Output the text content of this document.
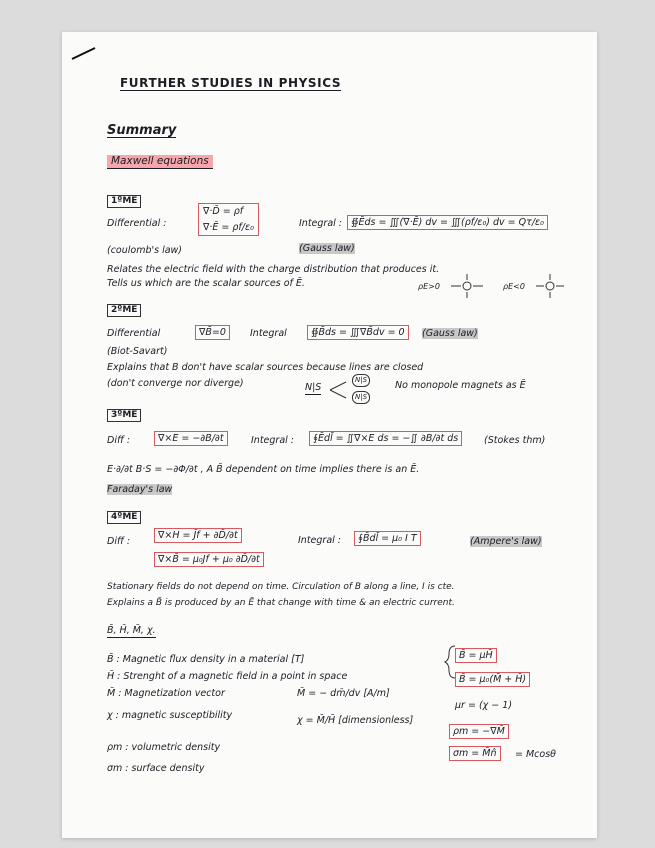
FURTHER STUDIES IN PHYSICS
Summary
Maxwell equations
1ºME
Differential :
∇·D̄ = ρf
∇·Ē = ρf/ε₀
(coulomb's law)
Integral : ∯Ēds = ∭(∇·Ē) dv = ∭(ρf/ε₀) dv = Qτ/ε₀
(Gauss law)
Relates the electric field with the charge distribution that produces it.
Tells us which are the scalar sources of Ē.	ρE>0	ρE<0
2ºME
Differential	∇B̄=0	Integral	∯B̄ds = ∭∇B̄dv = 0	(Gauss law)
(Biot-Savart)
Explains that B don't have scalar sources because lines are closed
(don't converge nor diverge)	N|S
N|S
N|S
No monopole magnets as Ē
3ºME
Diff :	∇×E = −∂B/∂t	Integral :	∮Ēdl̄ = ∬∇×E ds = −∬ ∂B/∂t ds	(Stokes thm)
E·∂/∂t B·S = −∂Φ/∂t , A B̄ dependent on time implies there is an Ē.
Faraday's law
4ºME
Diff :
∇×H = J̄f + ∂D̄/∂t
∇×B̄ = μ₀Jf + μ₀ ∂D̄/∂t
Integral :	∮B̄dl̄ = μ₀ I T	(Ampere's law)
Stationary fields do not depend on time. Circulation of B along a line, I is cte.
Explains a B̄ is produced by an Ē that change with time & an electric current.
B̄, H̄, M̄, χ.
B̄ : Magnetic flux density in a material [T]
H̄ : Strenght of a magnetic field in a point in space
M̄ : Magnetization vector	M̄ = − dm̄/dv [A/m]
χ : magnetic susceptibility	χ = M̄/H̄ [dimensionless]
ρm : volumetric density
σm : surface density
B̄ = μH̄
B̄ = μ₀(M̄ + H̄)
μr = (χ − 1)
ρm = −∇M̄
σm = M̄n̂	= Mcosθ
